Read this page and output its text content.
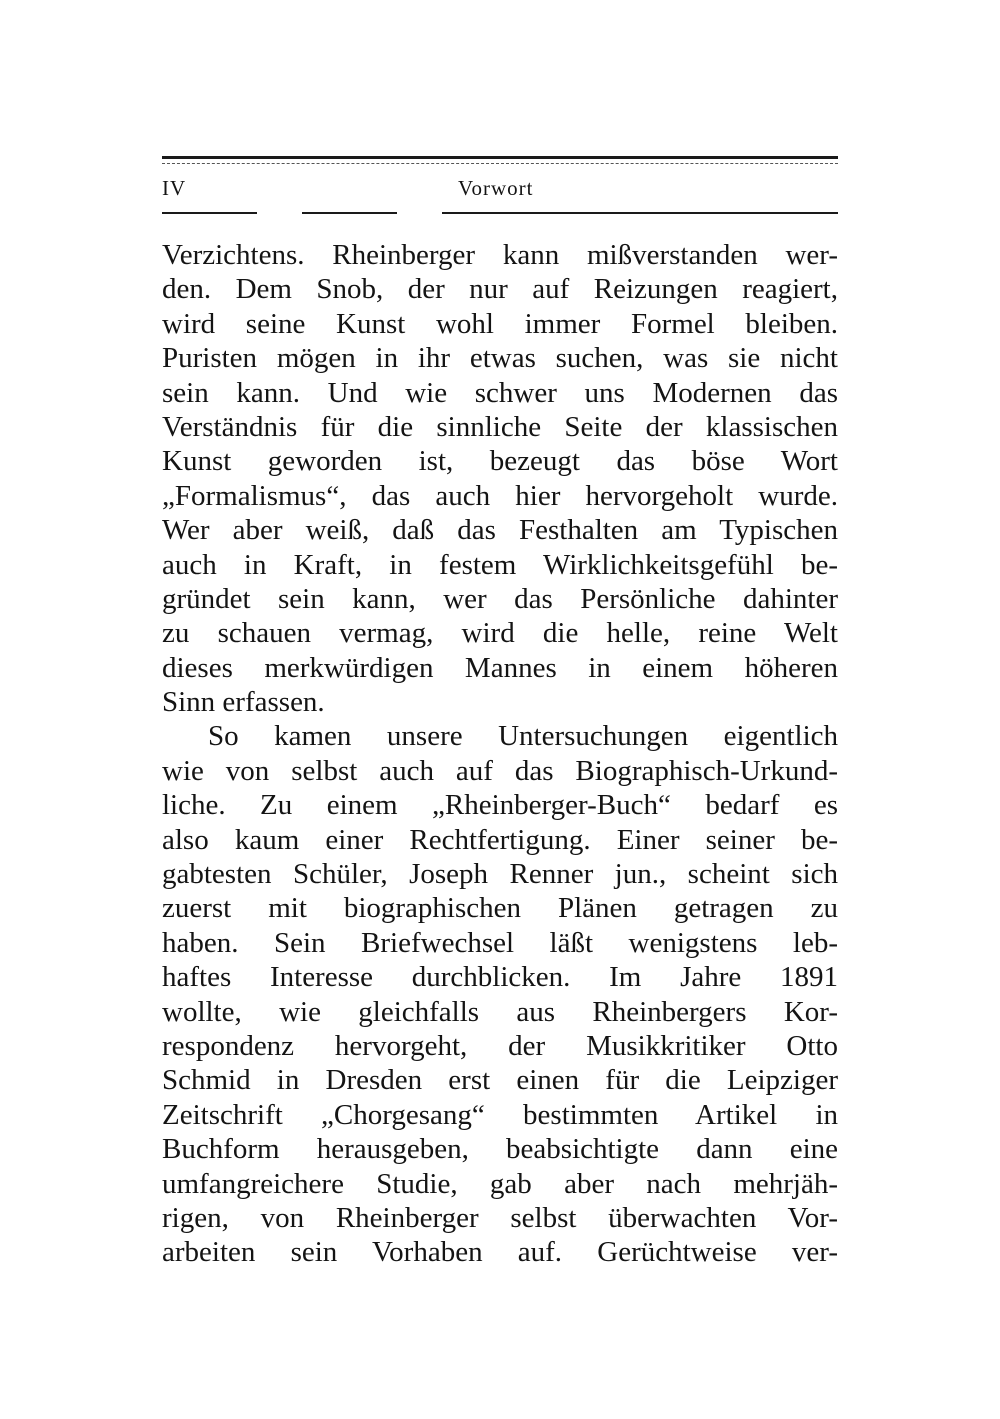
IV	Vorwort
Verzichtens. Rheinberger kann mißverstanden wer-
den. Dem Snob, der nur auf Reizungen reagiert,
wird seine Kunst wohl immer Formel bleiben.
Puristen mögen in ihr etwas suchen, was sie nicht
sein kann. Und wie schwer uns Modernen das
Verständnis für die sinnliche Seite der klassischen
Kunst geworden ist, bezeugt das böse Wort
„Formalismus“, das auch hier hervorgeholt wurde.
Wer aber weiß, daß das Festhalten am Typischen
auch in Kraft, in festem Wirklichkeitsgefühl be-
gründet sein kann, wer das Persönliche dahinter
zu schauen vermag, wird die helle, reine Welt
dieses merkwürdigen Mannes in einem höheren
Sinn erfassen.
So kamen unsere Untersuchungen eigentlich
wie von selbst auch auf das Biographisch-Urkund-
liche. Zu einem „Rheinberger-Buch“ bedarf es
also kaum einer Rechtfertigung. Einer seiner be-
gabtesten Schüler, Joseph Renner jun., scheint sich
zuerst mit biographischen Plänen getragen zu
haben. Sein Briefwechsel läßt wenigstens leb-
haftes Interesse durchblicken. Im Jahre 1891
wollte, wie gleichfalls aus Rheinbergers Kor-
respondenz hervorgeht, der Musikkritiker Otto
Schmid in Dresden erst einen für die Leipziger
Zeitschrift „Chorgesang“ bestimmten Artikel in
Buchform herausgeben, beabsichtigte dann eine
umfangreichere Studie, gab aber nach mehrjäh-
rigen, von Rheinberger selbst überwachten Vor-
arbeiten sein Vorhaben auf. Gerüchtweise ver-
